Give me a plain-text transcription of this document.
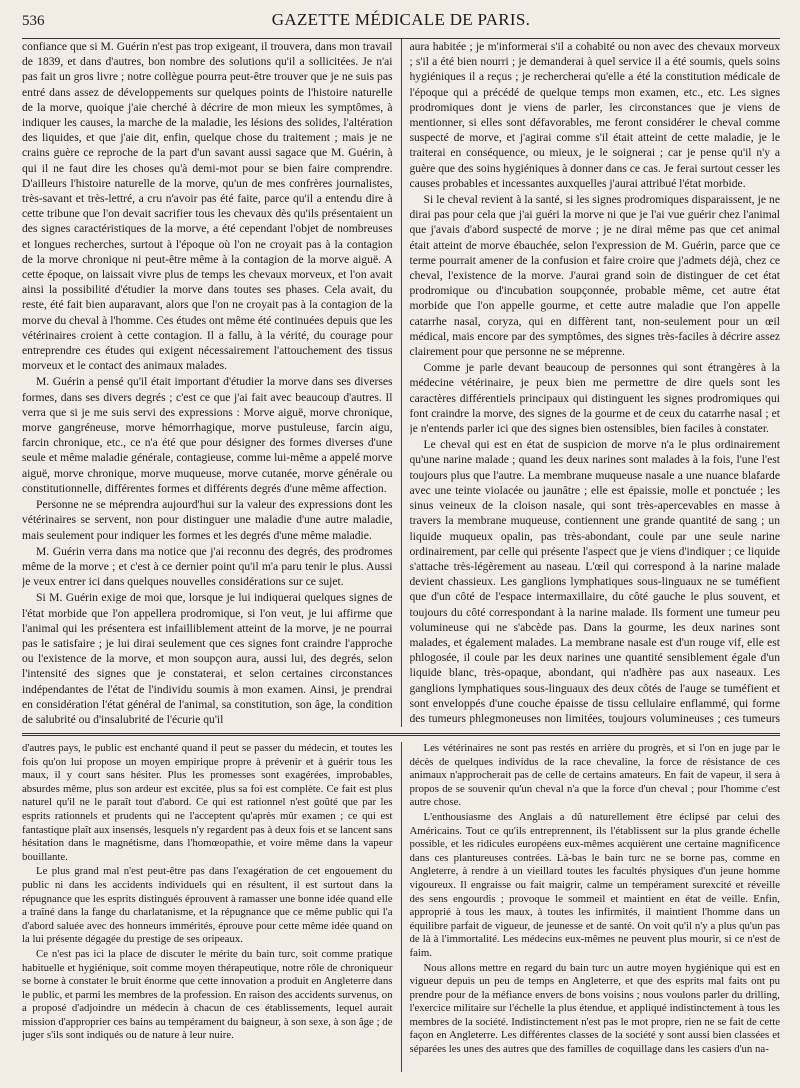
536	GAZETTE MÉDICALE DE PARIS.

confiance que si M. Guérin n'est pas trop exigeant, il trouvera, dans mon travail de 1839, et dans d'autres, bon nombre des solutions qu'il a sollicitées. Je n'ai pas fait un gros livre ; notre collègue pourra peut-être trouver que je ne suis pas entré dans assez de développements sur quelques points de l'histoire naturelle de la morve, quoique j'aie cherché à décrire de mon mieux les symptômes, à indiquer les causes, la marche de la maladie, les lésions des solides, l'altération des liquides, et que j'aie dit, enfin, quelque chose du traitement ; mais je ne crains guère ce reproche de la part d'un savant aussi sagace que M. Guérin, à qui il ne faut dire les choses qu'à demi-mot pour se bien faire comprendre. D'ailleurs l'histoire naturelle de la morve, qu'un de mes confrères journalistes, très-savant et très-lettré, a cru n'avoir pas été faite, parce qu'il a entendu dire à cette tribune que l'on devait sacrifier tous les chevaux dès qu'ils présentaient un des signes caractéristiques de la morve, a été cependant l'objet de nombreuses et longues recherches, surtout à l'époque où l'on ne croyait pas à la contagion de la morve chronique ni peut-être même à la contagion de la morve aiguë. A cette époque, on laissait vivre plus de temps les chevaux morveux, et l'on avait ainsi la possibilité d'étudier la morve dans toutes ses phases. Cela avait, du reste, été fait bien auparavant, alors que l'on ne croyait pas à la contagion de la morve du cheval à l'homme. Ces études ont même été continuées depuis que les vétérinaires croient à cette contagion. Il a fallu, à la vérité, du courage pour entreprendre ces études qui exigent nécessairement l'attouchement des tissus morveux et le contact des animaux malades.

M. Guérin a pensé qu'il était important d'étudier la morve dans ses diverses formes, dans ses divers degrés ; c'est ce que j'ai fait avec beaucoup d'autres. Il verra que si je me suis servi des expressions : Morve aiguë, morve chronique, morve gangréneuse, morve hémorrhagique, morve pustuleuse, farcin aigu, farcin chronique, etc., ce n'a été que pour désigner des formes diverses d'une seule et même maladie générale, contagieuse, comme lui-même a appelé morve aiguë, morve chronique, morve muqueuse, morve cutanée, morve générale ou constitutionnelle, différentes formes et différents degrés d'une même affection.

Personne ne se méprendra aujourd'hui sur la valeur des expressions dont les vétérinaires se servent, non pour distinguer une maladie d'une autre maladie, mais seulement pour indiquer les formes et les degrés d'une même maladie.

M. Guérin verra dans ma notice que j'ai reconnu des degrés, des prodromes même de la morve ; et c'est à ce dernier point qu'il m'a paru tenir le plus. Aussi je veux entrer ici dans quelques nouvelles considérations sur ce sujet.

Si M. Guérin exige de moi que, lorsque je lui indiquerai quelques signes de l'état morbide que l'on appellera prodromique, si l'on veut, je lui affirme que l'animal qui les présentera est infailliblement atteint de la morve, je ne pourrai pas le satisfaire ; je lui dirai seulement que ces signes font craindre l'approche ou l'existence de la morve, et mon soupçon aura, aussi lui, des degrés, selon l'intensité des signes que je constaterai, et selon certaines circonstances indépendantes de l'état de l'individu soumis à mon examen. Ainsi, je prendrai en considération l'état général de l'animal, sa constitution, son âge, la condition de salubrité ou d'insalubrité de l'écurie qu'il

aura habitée ; je m'informerai s'il a cohabité ou non avec des chevaux morveux ; s'il a été bien nourri ; je demanderai à quel service il a été soumis, quels soins hygiéniques il a reçus ; je rechercherai qu'elle a été la constitution médicale de l'époque qui a précédé de quelque temps mon examen, etc., etc. Les signes prodromiques dont je viens de parler, les circonstances que je viens de mentionner, si elles sont défavorables, me feront considérer le cheval comme suspecté de morve, et j'agirai comme s'il était atteint de cette maladie, je le traiterai en conséquence, ou mieux, je le soignerai ; car je pense qu'il n'y a guère que des soins hygiéniques à donner dans ce cas. Je ferai surtout cesser les causes probables et incessantes auxquelles j'aurai attribué l'état morbide.

Si le cheval revient à la santé, si les signes prodromiques disparaissent, je ne dirai pas pour cela que j'ai guéri la morve ni que je l'ai vue guérir chez l'animal que j'avais d'abord suspecté de morve ; je ne dirai même pas que cet animal était atteint de morve ébauchée, selon l'expression de M. Guérin, parce que ce terme pourrait amener de la confusion et faire croire que j'admets déjà, chez ce cheval, l'existence de la morve. J'aurai grand soin de distinguer de cet état prodromique ou d'incubation soupçonnée, probable même, cet autre état morbide que l'on appelle gourme, et cette autre maladie que l'on appelle catarrhe nasal, coryza, qui en diffèrent tant, non-seulement pour un œil médical, mais encore par des symptômes, des signes très-faciles à décrire assez clairement pour que personne ne se méprenne.

Comme je parle devant beaucoup de personnes qui sont étrangères à la médecine vétérinaire, je peux bien me permettre de dire quels sont les caractères différentiels principaux qui distinguent les signes prodromiques qui font craindre la morve, des signes de la gourme et de ceux du catarrhe nasal ; et je n'entends parler ici que des signes bien ostensibles, bien faciles à constater.

Le cheval qui est en état de suspicion de morve n'a le plus ordinairement qu'une narine malade ; quand les deux narines sont malades à la fois, l'une l'est toujours plus que l'autre. La membrane muqueuse nasale a une nuance blafarde avec une teinte violacée ou jaunâtre ; elle est épaissie, molle et ponctuée ; les sinus veineux de la cloison nasale, qui sont très-apercevables en masse à travers la membrane muqueuse, contiennent une grande quantité de sang ; un liquide muqueux opalin, pas très-abondant, coule par une seule narine ordinairement, par celle qui présente l'aspect que je viens d'indiquer ; ce liquide s'attache très-légèrement au naseau. L'œil qui correspond à la narine malade devient chassieux. Les ganglions lymphatiques sous-linguaux ne se tuméfient que d'un côté de l'espace intermaxillaire, du côté gauche le plus souvent, et toujours du côté correspondant à la narine malade. Ils forment une tumeur peu volumineuse qui ne s'abcède pas. Dans la gourme, les deux narines sont malades, et également malades. La membrane nasale est d'un rouge vif, elle est phlogosée, il coule par les deux narines une quantité sensiblement égale d'un liquide blanc, très-opaque, abondant, qui n'adhère pas aux naseaux. Les ganglions lymphatiques sous-linguaux des deux côtés de l'auge se tuméfient et sont enveloppés d'une couche épaisse de tissu cellulaire enflammé, qui forme des tumeurs phlegmoneuses non limitées, toujours volumineuses ; ces tumeurs

d'autres pays, le public est enchanté quand il peut se passer du médecin, et toutes les fois qu'on lui propose un moyen empirique propre à prévenir et à guérir tous les maux, il y court sans hésiter. Plus les promesses sont exagérées, improbables, absurdes même, plus son ardeur est excitée, plus sa foi est complète. Ce fait est plus naturel qu'il ne le paraît tout d'abord. Ce qui est rationnel n'est goûté que par les esprits rationnels et prudents qui ne l'acceptent qu'après mûr examen ; ce qui est fantastique plaît aux insensés, lesquels n'y regardent pas à deux fois et se lancent sans hésitation dans le magnétisme, dans l'homœopathie, et voire même dans la vapeur bouillante.

Le plus grand mal n'est peut-être pas dans l'exagération de cet engouement du public ni dans les accidents individuels qui en résultent, il est surtout dans la répugnance que les esprits distingués éprouvent à ramasser une bonne idée quand elle a traîné dans la fange du charlatanisme, et la répugnance que ce même public qui l'a d'abord saluée avec des honneurs immérités, éprouve pour cette même idée quand on la lui présente dégagée du prestige de ses oripeaux.

Ce n'est pas ici la place de discuter le mérite du bain turc, soit comme pratique habituelle et hygiénique, soit comme moyen thérapeutique, notre rôle de chroniqueur se borne à constater le bruit énorme que cette innovation a produit en Angleterre dans le public, et parmi les membres de la profession. En raison des accidents survenus, on a proposé d'adjoindre un médecin à chacun de ces établissements, lequel aurait mission d'approprier ces bains au tempérament du baigneur, à son sexe, à son âge ; de juger s'ils sont indiqués ou de nature à leur nuire.

Les vétérinaires ne sont pas restés en arrière du progrès, et si l'on en juge par le décès de quelques individus de la race chevaline, la force de résistance de ces animaux n'approcherait pas de celle de certains amateurs. En fait de vapeur, il sera à propos de se souvenir qu'un cheval n'a que la force d'un cheval ; pour l'homme c'est autre chose.

L'enthousiasme des Anglais a dû naturellement être éclipsé par celui des Américains. Tout ce qu'ils entreprennent, ils l'établissent sur la plus grande échelle possible, et les ridicules européens eux-mêmes acquièrent une certaine magnificence dans ces plantureuses contrées. Là-bas le bain turc ne se borne pas, comme en Angleterre, à rendre à un vieillard toutes les facultés physiques d'un jeune homme vigoureux. Il engraisse ou fait maigrir, calme un tempérament surexcité et réveille des sens engourdis ; provoque le sommeil et maintient en état de veille. Enfin, approprié à tous les maux, à toutes les infirmités, il maintient l'homme dans un équilibre parfait de vigueur, de jeunesse et de santé. On voit qu'il n'y a plus qu'un pas de là à l'immortalité. Les médecins eux-mêmes ne peuvent plus mourir, si ce n'est de faim.

Nous allons mettre en regard du bain turc un autre moyen hygiénique qui est en vigueur depuis un peu de temps en Angleterre, et que des esprits mal faits ont pu prendre pour de la méfiance envers de bons voisins ; nous voulons parler du drilling, l'exercice militaire sur l'échelle la plus étendue, et appliqué indistinctement à tous les membres de la société. Indistinctement n'est pas le mot propre, rien ne se fait de cette façon en Angleterre. Les différentes classes de la société y sont aussi bien classées et séparées les unes des autres que des familles de coquillage dans les casiers d'un na-
